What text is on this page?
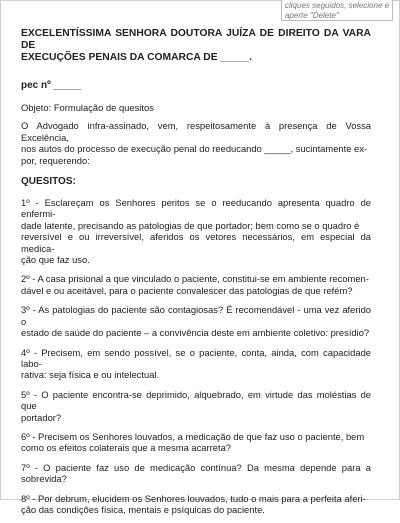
cliques seguidos, selecione e
aperte "Delete"
EXCELENTÍSSIMA SENHORA DOUTORA JUÍZA DE DIREITO DA VARA DE
EXECUÇÕES PENAIS DA COMARCA DE _____.
pec nº _____
Objeto: Formulação de quesitos
O Advogado infra-assinado, vem, respeitosamente à presença de Vossa Excelência,
nos autos do processo de execução penal do reeducando _____, sucintamente ex-
por, requerendo:
QUESITOS:
1º - Esclareçam os Senhores peritos se o reeducando apresenta quadro de enfermi-
dade latente, precisando as patologias de que portador; bem como se o quadro é
reversível e ou irreversível, aferidos os vetores necessários, em especial da medica-
ção que faz uso.
2º - A casa prisional a que vinculado o paciente, constitui-se em ambiente recomen-
dável e ou aceitável, para o paciente convalescer das patologias de que refém?
3º - As patologias do paciente são contagiosas? É recomendável - uma vez aferido o
estado de saúde do paciente – a convivência deste em ambiente coletivo: presídio?
4º - Precisem, em sendo possível, se o paciente, conta, ainda, com capacidade labo-
rativa: seja física e ou intelectual.
5º - O paciente encontra-se deprimido, alquebrado, em virtude das moléstias de que
portador?
6º - Precisem os Senhores louvados, a medicação de que faz uso o paciente, bem
como os efeitos colaterais que a mesma acarreta?
7º - O paciente faz uso de medicação contínua? Da mesma depende para a sobrevida?
8º - Por debrum, elucidem os Senhores louvados, tudo o mais para a perfeita aferi-
ção das condições física, mentais e psíquicas do paciente.
